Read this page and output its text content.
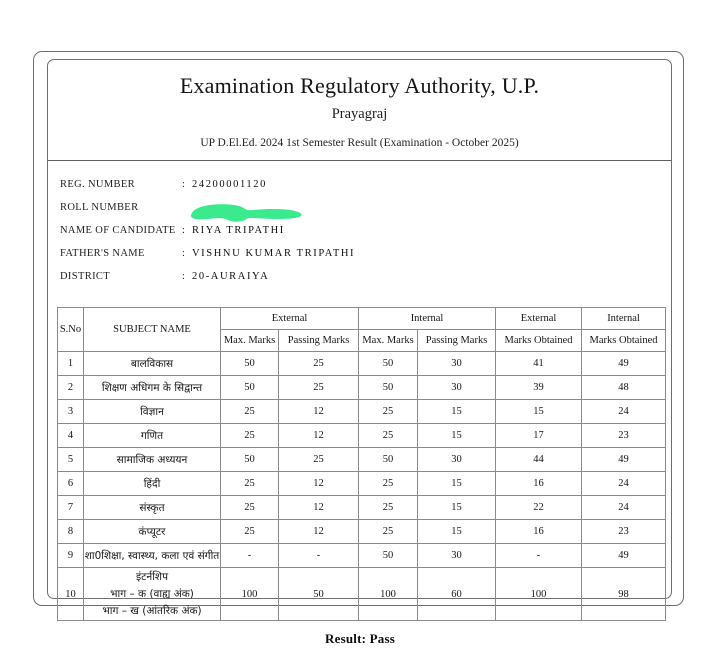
Examination Regulatory Authority, U.P.
Prayagraj
UP D.El.Ed. 2024 1st Semester Result (Examination - October 2025)
REG. NUMBER	: 24200001120
ROLL NUMBER
NAME OF CANDIDATE : RIYA TRIPATHI
FATHER'S NAME	: VISHNU KUMAR TRIPATHI
DISTRICT	: 20-AURAIYA
S.No	SUBJECT NAME	External		Internal		External	Internal
		Max. Marks	Passing Marks	Max. Marks	Passing Marks	Marks Obtained	Marks Obtained
1	बालविकास	50	25	50	30	41	49
2	शिक्षण अधिगम के सिद्वान्त	50	25	50	30	39	48
3	विज्ञान	25	12	25	15	15	24
4	गणित	25	12	25	15	17	23
5	सामाजिक अध्ययन	50	25	50	30	44	49
6	हिंदी	25	12	25	15	16	24
7	संस्कृत	25	12	25	15	22	24
8	कंप्यूटर	25	12	25	15	16	23
9	शा0शिक्षा, स्वास्थ्य, कला एवं संगीत	-	-	50	30	-	49
10	इंटर्नशिप
भाग – क (वाह्य अंक)
भाग – ख (आंतरिक अंक)	100	50	100	60	100	98
Result: Pass
